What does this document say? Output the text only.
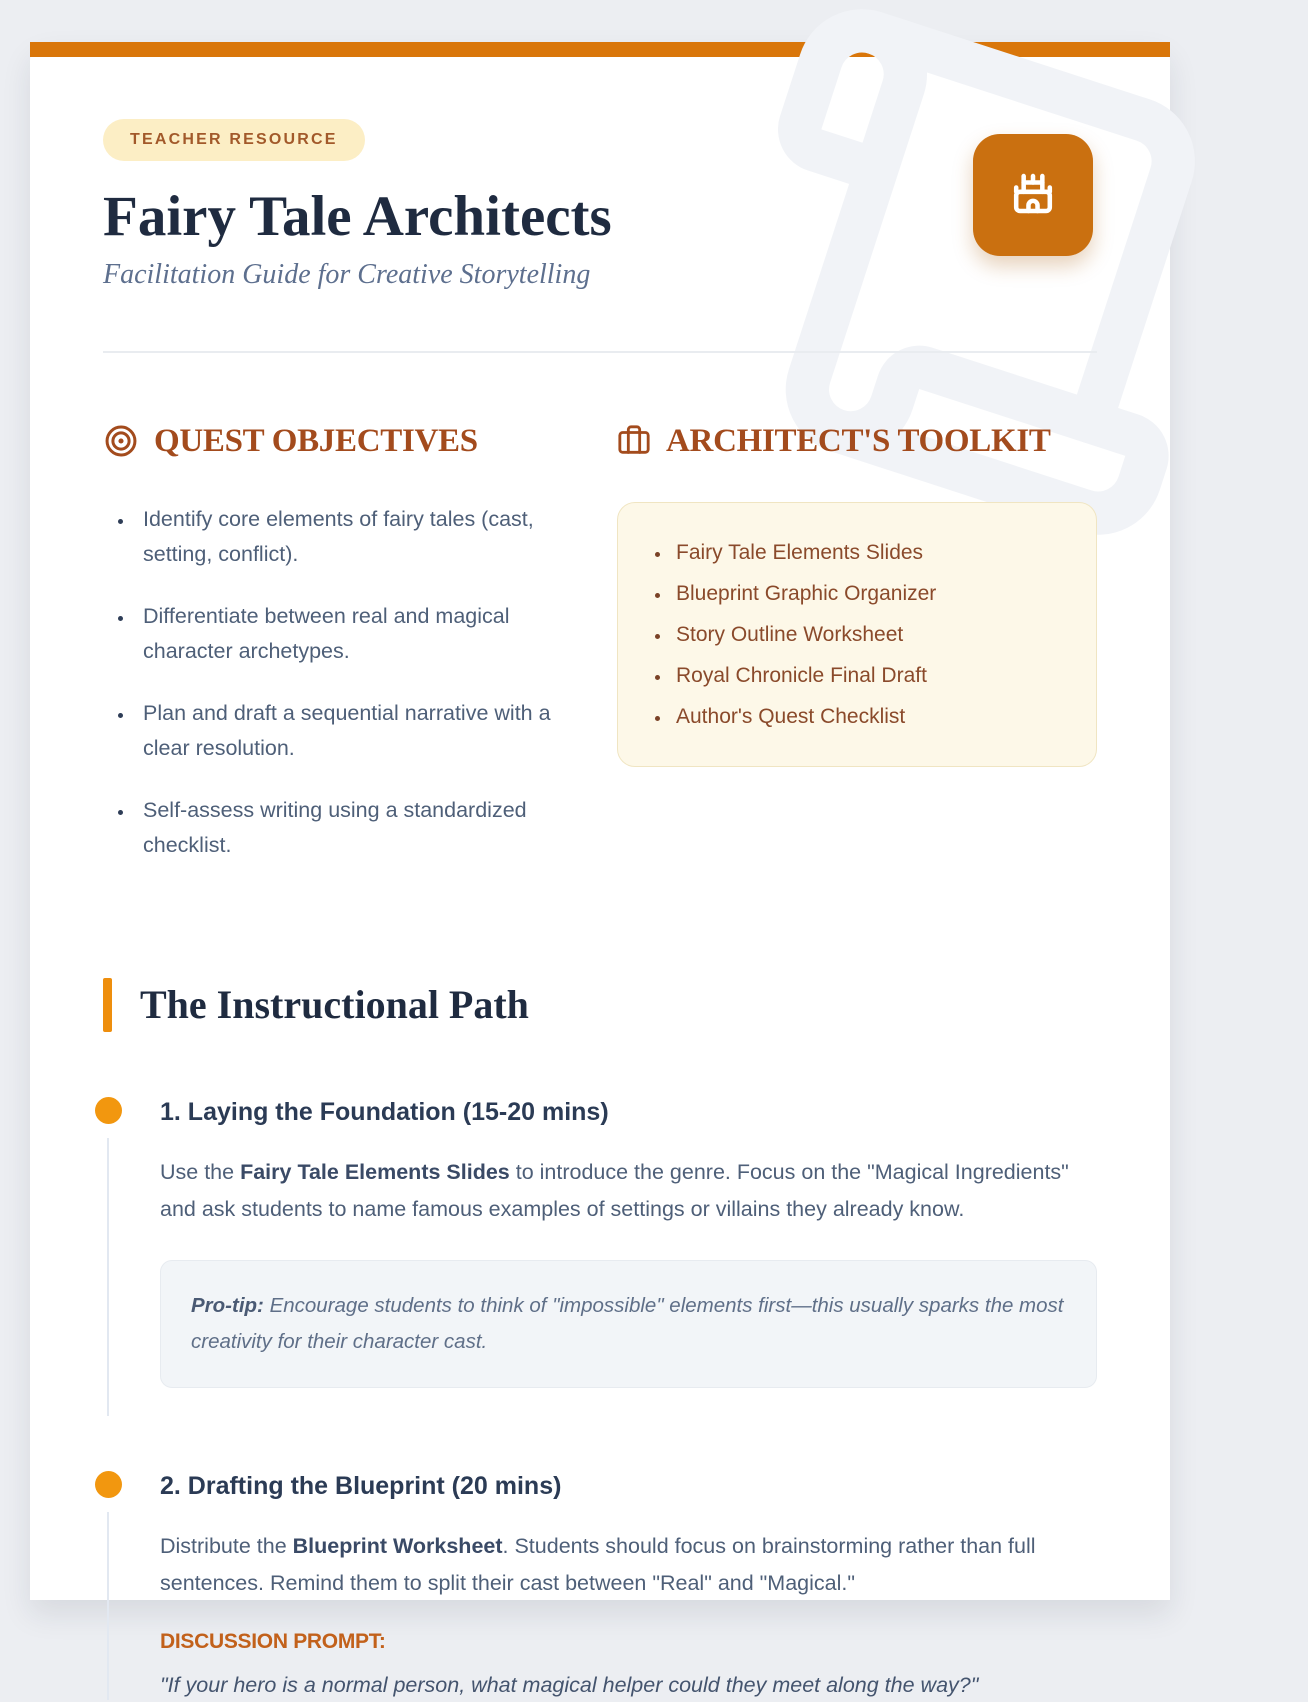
TEACHER RESOURCE
Fairy Tale Architects

Facilitation Guide for Creative Storytelling

QUEST OBJECTIVES
• Identify core elements of fairy tales (cast, setting, conflict).
• Differentiate between real and magical character archetypes.
• Plan and draft a sequential narrative with a clear resolution.
• Self-assess writing using a standardized checklist.
ARCHITECT'S TOOLKIT
• Fairy Tale Elements Slides
• Blueprint Graphic Organizer
• Story Outline Worksheet
• Royal Chronicle Final Draft
• Author's Quest Checklist
The Instructional Path
1. Laying the Foundation (15-20 mins)

Use the Fairy Tale Elements Slides to introduce the genre. Focus on the "Magical Ingredients" and ask students to name famous examples of settings or villains they already know.

Pro-tip: Encourage students to think of "impossible" elements first—this usually sparks the most creativity for their character cast.
2. Drafting the Blueprint (20 mins)

Distribute the Blueprint Worksheet. Students should focus on brainstorming rather than full sentences. Remind them to split their cast between "Real" and "Magical."

DISCUSSION PROMPT:

"If your hero is a normal person, what magical helper could they meet along the way?"
